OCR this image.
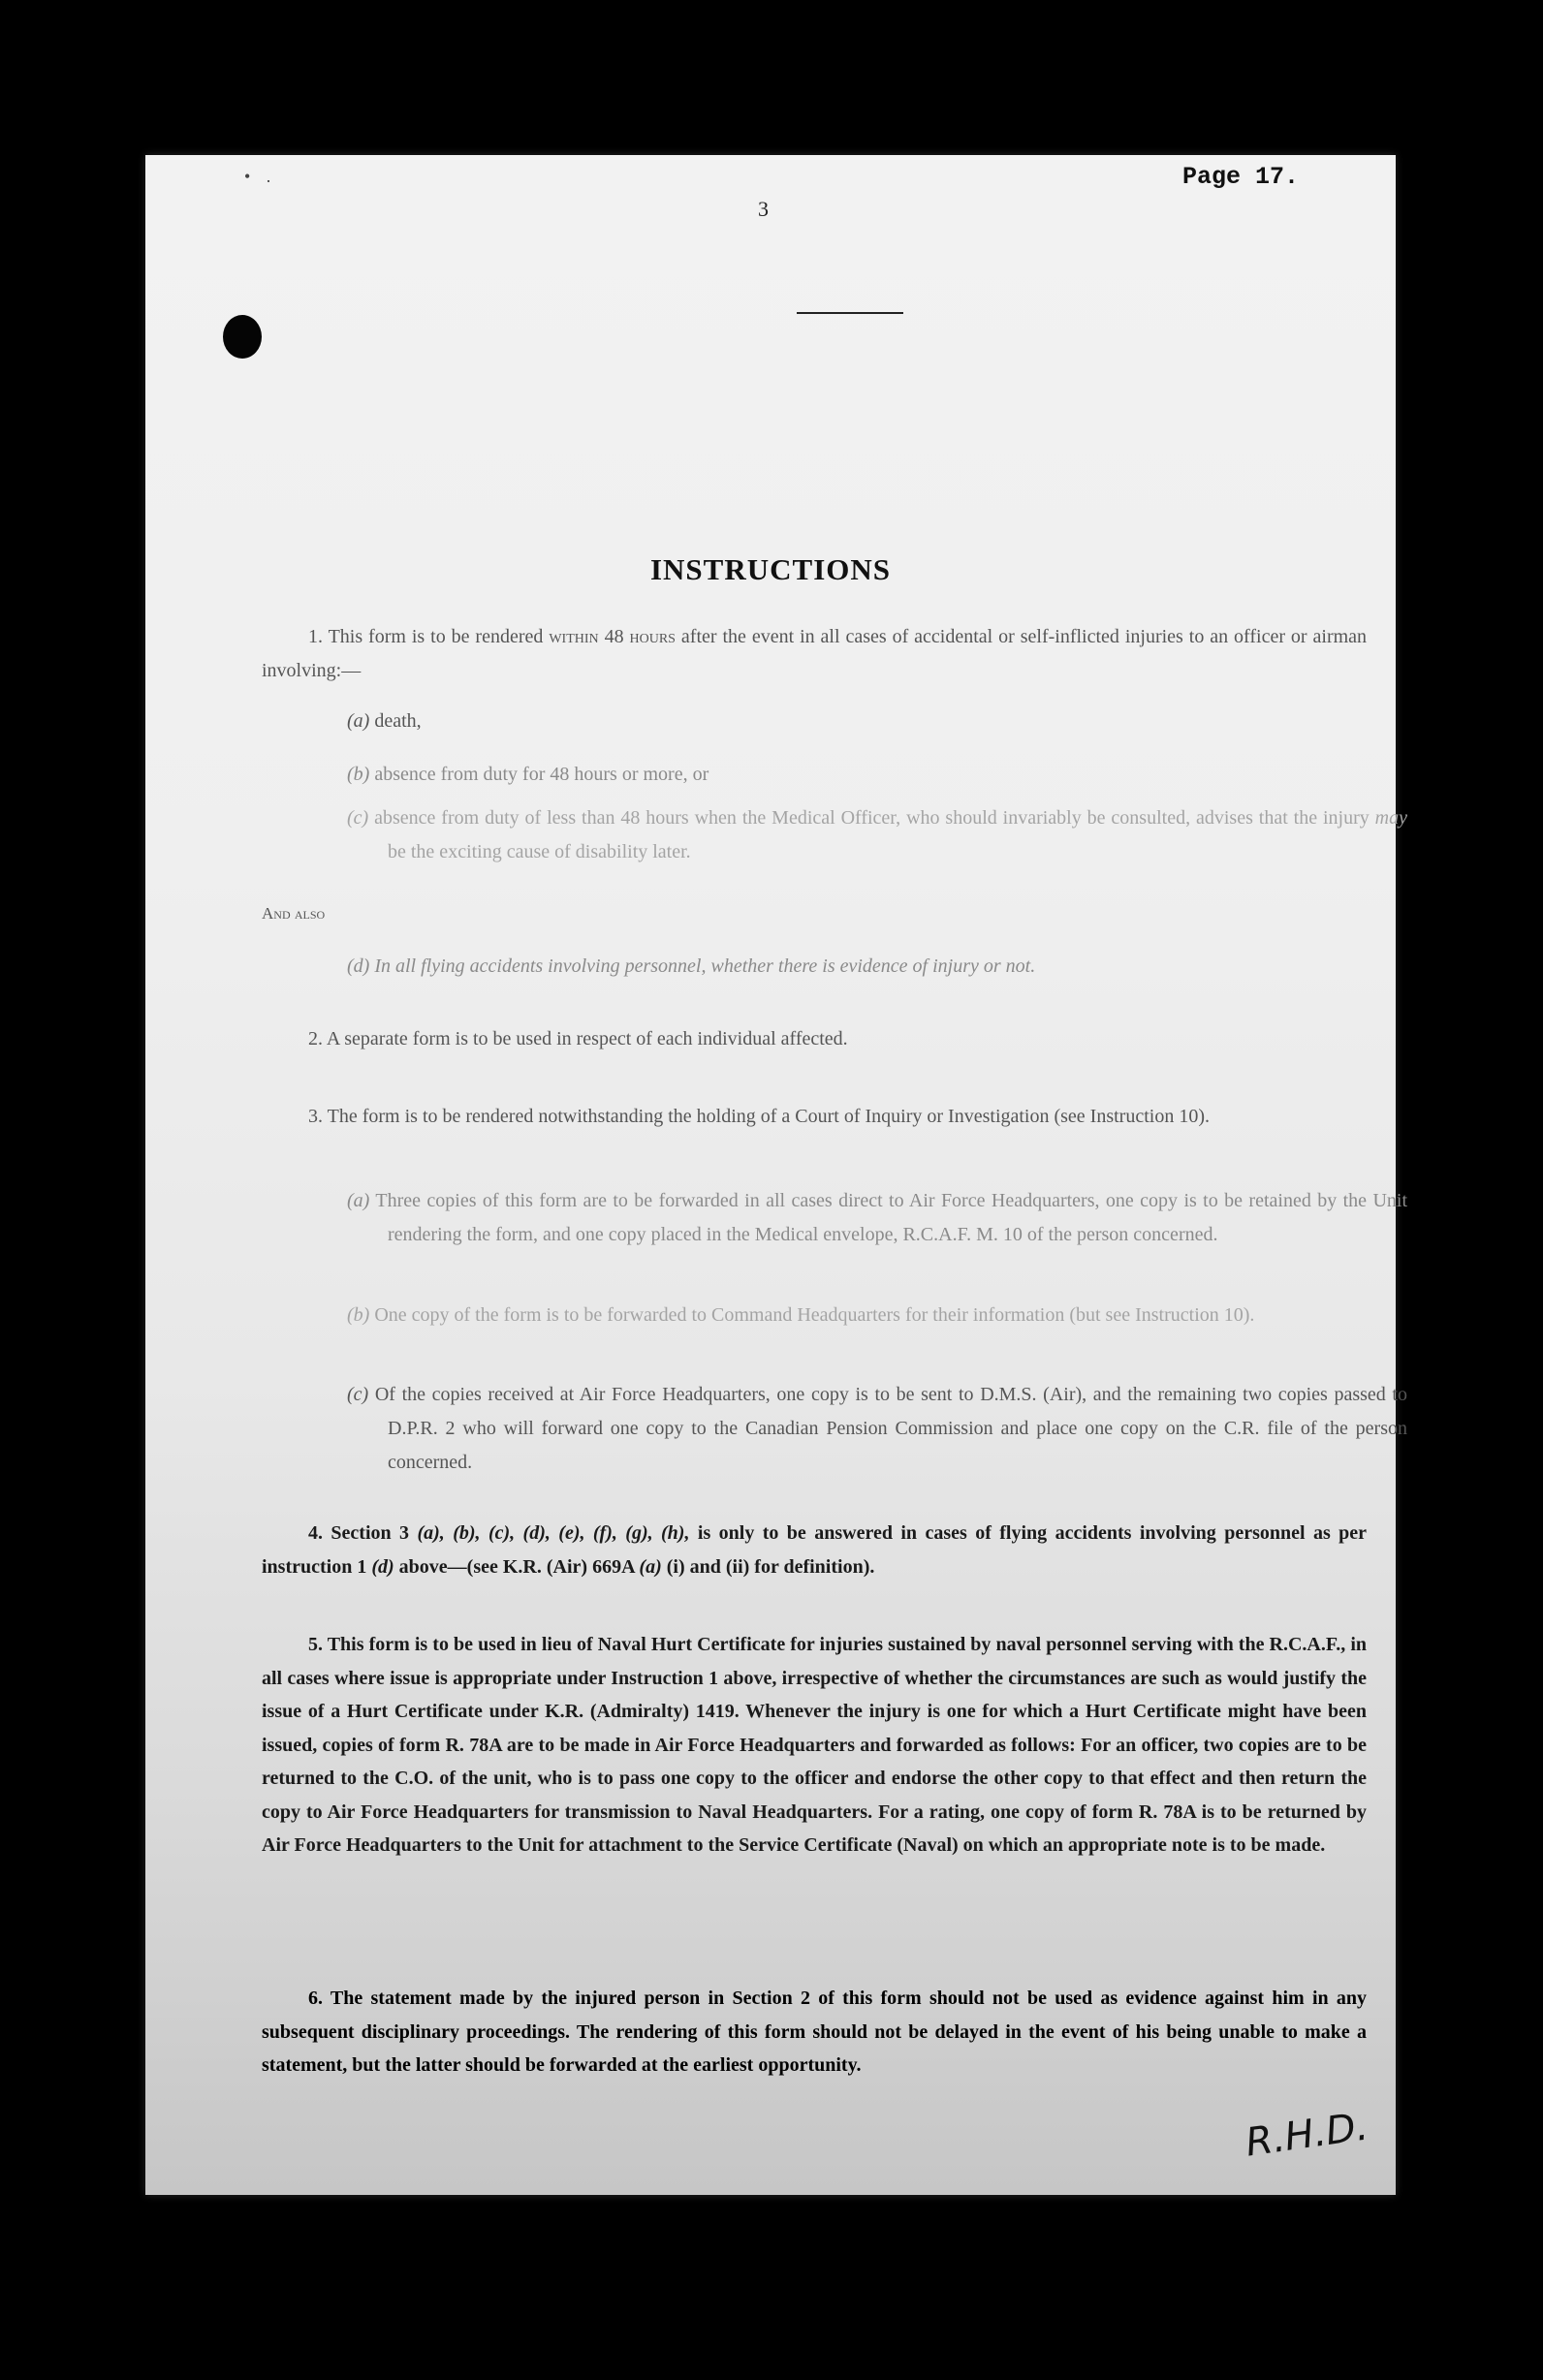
• .	Page 17.
3
INSTRUCTIONS
1. This form is to be rendered within 48 hours after the event in all cases of accidental or self-inflicted injuries to an officer or airman involving:—
(a) death,
(b) absence from duty for 48 hours or more, or
(c) absence from duty of less than 48 hours when the Medical Officer, who should invariably be consulted, advises that the injury may be the exciting cause of disability later.
And also
(d) In all flying accidents involving personnel, whether there is evidence of injury or not.
2. A separate form is to be used in respect of each individual affected.
3. The form is to be rendered notwithstanding the holding of a Court of Inquiry or Investigation (see Instruction 10).
(a) Three copies of this form are to be forwarded in all cases direct to Air Force Headquarters, one copy is to be retained by the Unit rendering the form, and one copy placed in the Medical envelope, R.C.A.F. M. 10 of the person concerned.
(b) One copy of the form is to be forwarded to Command Headquarters for their information (but see Instruction 10).
(c) Of the copies received at Air Force Headquarters, one copy is to be sent to D.M.S. (Air), and the remaining two copies passed to D.P.R. 2 who will forward one copy to the Canadian Pension Commission and place one copy on the C.R. file of the person concerned.
4. Section 3 (a), (b), (c), (d), (e), (f), (g), (h), is only to be answered in cases of flying accidents involving personnel as per instruction 1 (d) above—(see K.R. (Air) 669A (a) (i) and (ii) for definition).
5. This form is to be used in lieu of Naval Hurt Certificate for injuries sustained by naval personnel serving with the R.C.A.F., in all cases where issue is appropriate under Instruction 1 above, irrespective of whether the circumstances are such as would justify the issue of a Hurt Certificate under K.R. (Admiralty) 1419. Whenever the injury is one for which a Hurt Certificate might have been issued, copies of form R. 78A are to be made in Air Force Headquarters and forwarded as follows: For an officer, two copies are to be returned to the C.O. of the unit, who is to pass one copy to the officer and endorse the other copy to that effect and then return the copy to Air Force Headquarters for transmission to Naval Headquarters. For a rating, one copy of form R. 78A is to be returned by Air Force Headquarters to the Unit for attachment to the Service Certificate (Naval) on which an appropriate note is to be made.
6. The statement made by the injured person in Section 2 of this form should not be used as evidence against him in any subsequent disciplinary proceedings. The rendering of this form should not be delayed in the event of his being unable to make a statement, but the latter should be forwarded at the earliest opportunity.
R.H.D.
